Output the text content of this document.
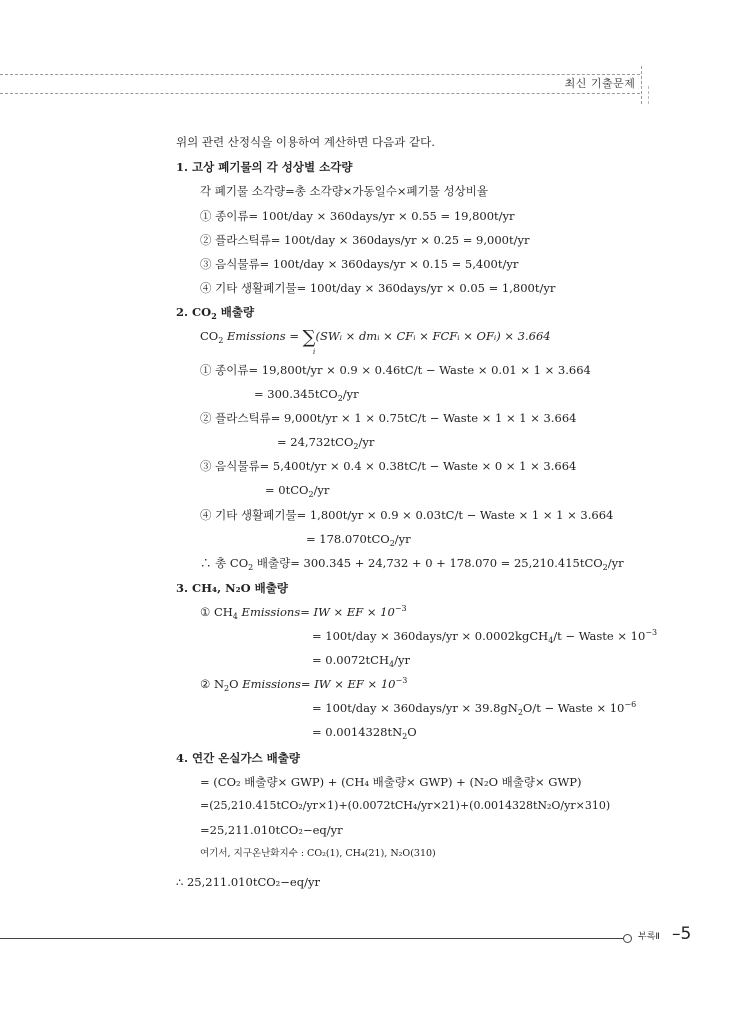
최신 기출문제
위의 관련 산정식을 이용하여 계산하면 다음과 같다.
1. 고상 폐기물의 각 성상별 소각량
각 폐기물 소각량=총 소각량×가동일수×폐기물 성상비율
① 종이류= 100t/day × 360days/yr × 0.55 = 19,800t/yr
② 플라스틱류= 100t/day × 360days/yr × 0.25 = 9,000t/yr
③ 음식물류= 100t/day × 360days/yr × 0.15 = 5,400t/yr
④ 기타 생활폐기물= 100t/day × 360days/yr × 0.05 = 1,800t/yr
2. $CO_2$ 배출량
$CO_2$ Emissions = ∑
i
(SWᵢ × dmᵢ × CFᵢ × FCFᵢ × OFᵢ) × 3.664
① 종이류= 19,800t/yr × 0.9 × 0.46tC/t − Waste × 0.01 × 1 × 3.664
= 300.345tCO$_2$/yr
② 플라스틱류= 9,000t/yr × 1 × 0.75tC/t − Waste × 1 × 1 × 3.664
= 24,732tCO$_2$/yr
③ 음식물류= 5,400t/yr × 0.4 × 0.38tC/t − Waste × 0 × 1 × 3.664
= 0tCO$_2$/yr
④ 기타 생활폐기물= 1,800t/yr × 0.9 × 0.03tC/t − Waste × 1 × 1 × 3.664
= 178.070tCO$_2$/yr
∴ 총 $CO_2$ 배출량= 300.345 + 24,732 + 0 + 178.070 = 25,210.415tCO$_2$/yr
3. CH₄, N₂O 배출량
① $CH_4$ Emissions= IW × EF × $10^{-3}$
= 100t/day × 360days/yr × 0.0002kgCH$_4$/t − Waste × $10^{-3}$
= 0.0072tCH$_4$/yr
② $N_2O$ Emissions= IW × EF × $10^{-3}$
= 100t/day × 360days/yr × $39.8gN_2O/t$ − Waste × $10^{-6}$
= $0.0014328tN_2O$
4. 연간 온실가스 배출량
= (CO₂ 배출량× GWP) + (CH₄ 배출량× GWP) + (N₂O 배출량× GWP)
=(25,210.415tCO₂/yr×1)+(0.0072tCH₄/yr×21)+(0.0014328tN₂O/yr×310)
=25,211.010tCO₂−eq/yr
여기서, 지구온난화지수 : CO₂(1), CH₄(21), N₂O(310)
∴ 25,211.010tCO₂−eq/yr
부록Ⅱ –5
